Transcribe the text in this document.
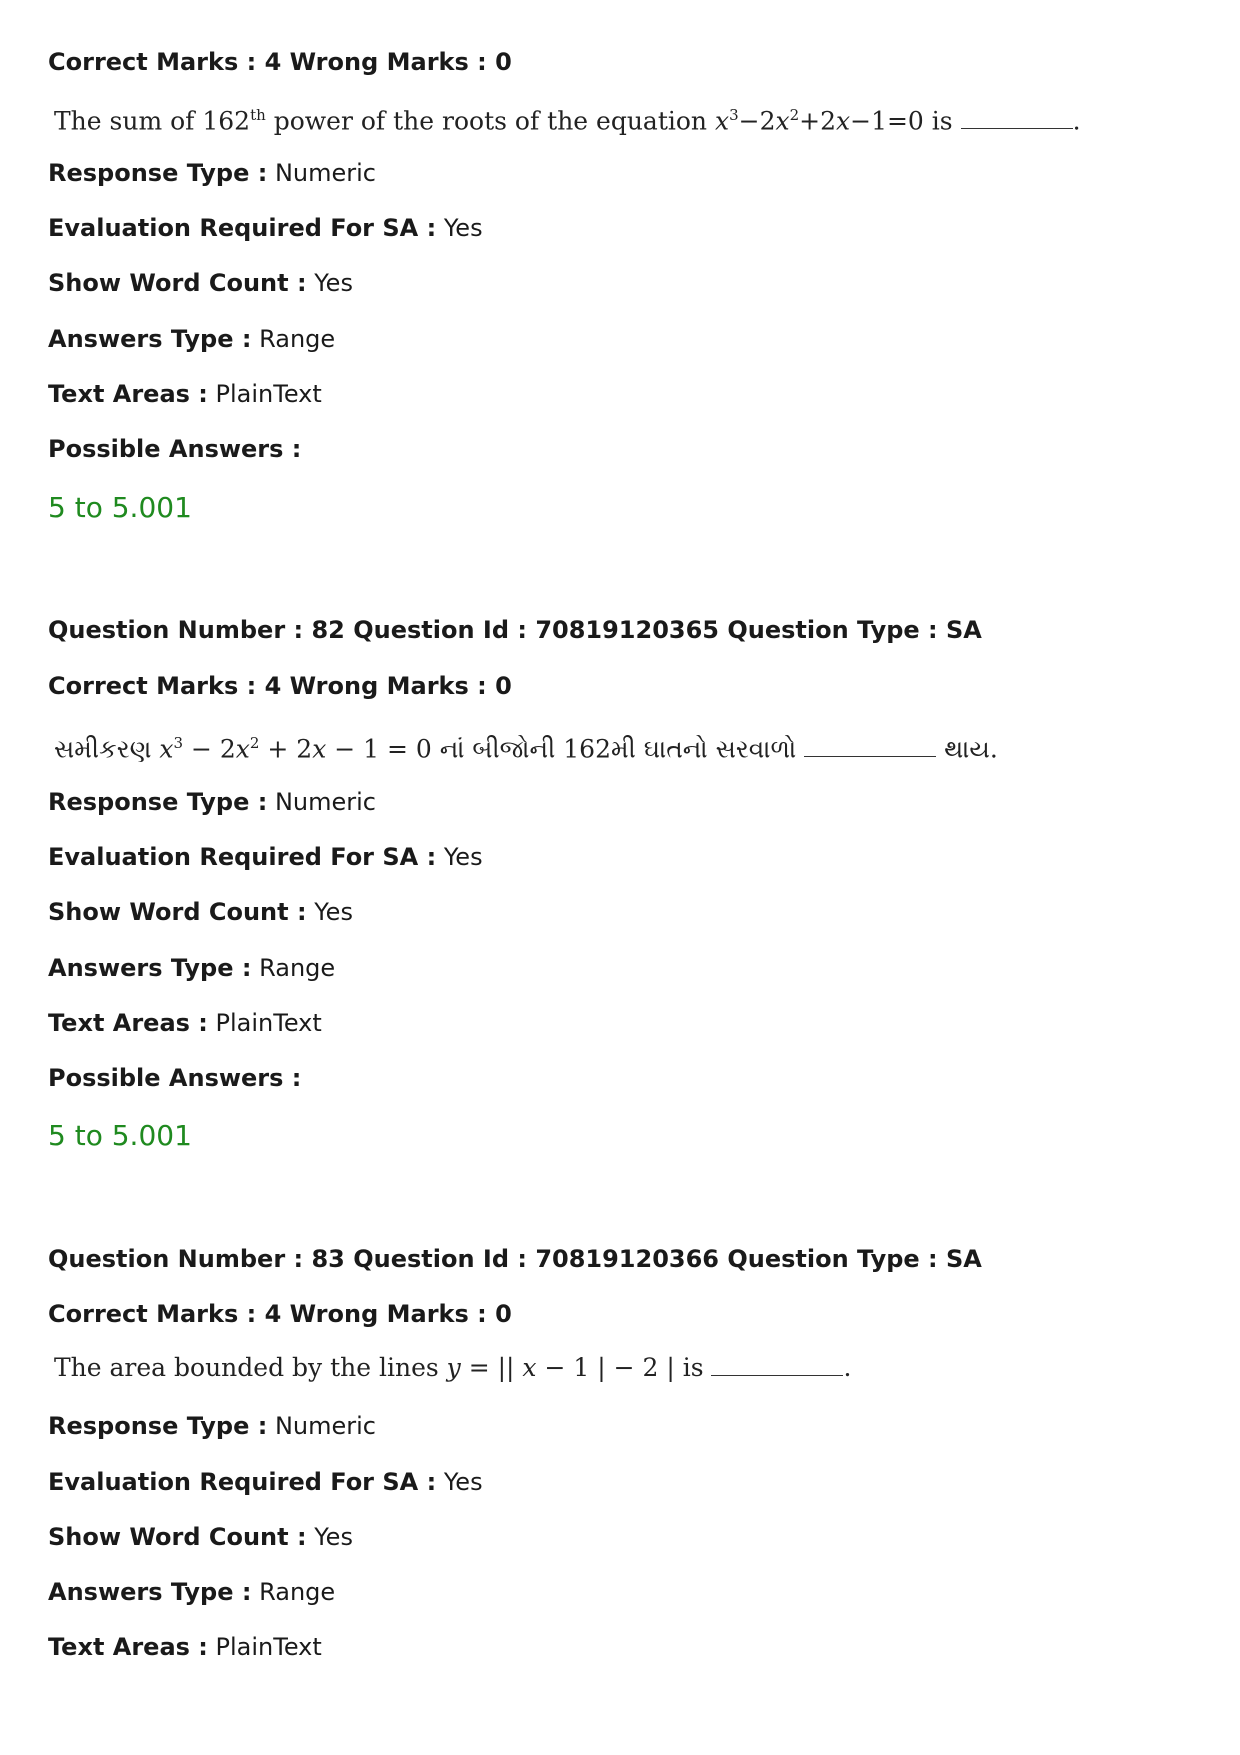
Correct Marks : 4 Wrong Marks : 0
The sum of 162th power of the roots of the equation $x^3-2x^2+2x-1=0$ is	.
Response Type : Numeric
Evaluation Required For SA : Yes
Show Word Count : Yes
Answers Type : Range
Text Areas : PlainText
Possible Answers :
5 to 5.001
Question Number : 82 Question Id : 70819120365 Question Type : SA
Correct Marks : 4 Wrong Marks : 0
સમીકરણ $x^3 - 2x^2 + 2x - 1 = 0$ નાં બીજોની 162મી ઘાતનો સરવાળો	થાય.
Response Type : Numeric
Evaluation Required For SA : Yes
Show Word Count : Yes
Answers Type : Range
Text Areas : PlainText
Possible Answers :
5 to 5.001
Question Number : 83 Question Id : 70819120366 Question Type : SA
Correct Marks : 4 Wrong Marks : 0
The area bounded by the lines y = || x − 1 | − 2 | is	.
Response Type : Numeric
Evaluation Required For SA : Yes
Show Word Count : Yes
Answers Type : Range
Text Areas : PlainText
